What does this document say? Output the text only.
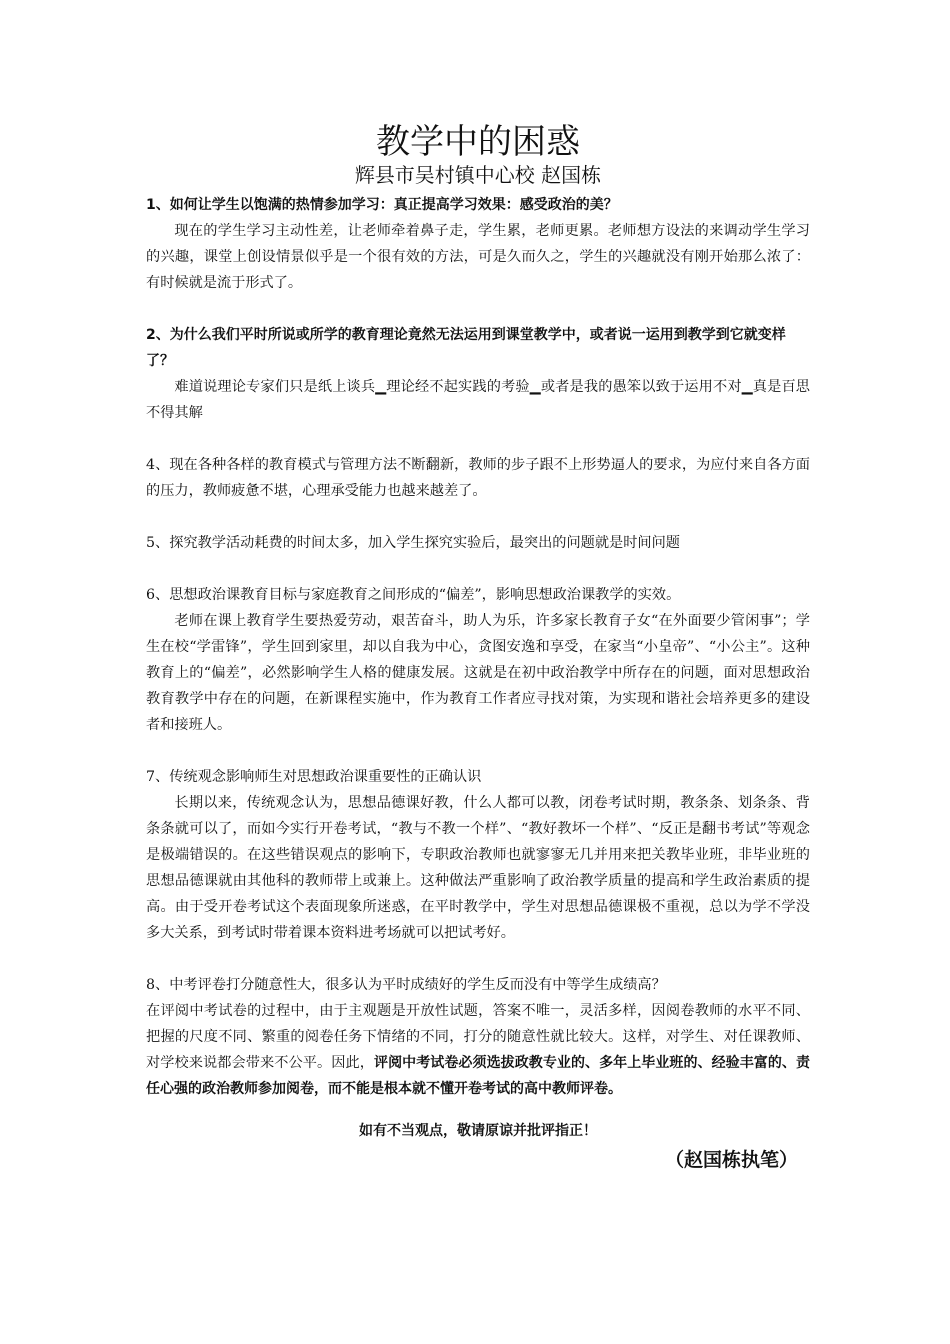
教学中的困惑
辉县市吴村镇中心校 赵国栋

1、如何让学生以饱满的热情参加学习：真正提高学习效果：感受政治的美？

现在的学生学习主动性差，让老师牵着鼻子走，学生累，老师更累。老师想方设法的来调动学生学习的兴趣，课堂上创设情景似乎是一个很有效的方法，可是久而久之，学生的兴趣就没有刚开始那么浓了：有时候就是流于形式了。

2、为什么我们平时所说或所学的教育理论竟然无法运用到课堂教学中，或者说一运用到教学到它就变样了？

难道说理论专家们只是纸上谈兵▁理论经不起实践的考验▁或者是我的愚笨以致于运用不对▁真是百思不得其解

4、现在各种各样的教育模式与管理方法不断翻新，教师的步子跟不上形势逼人的要求，为应付来自各方面的压力，教师疲惫不堪，心理承受能力也越来越差了。

5、探究教学活动耗费的时间太多，加入学生探究实验后，最突出的问题就是时间问题

6、思想政治课教育目标与家庭教育之间形成的“偏差”，影响思想政治课教学的实效。

老师在课上教育学生要热爱劳动，艰苦奋斗，助人为乐，许多家长教育子女“在外面要少管闲事”；学生在校“学雷锋”，学生回到家里，却以自我为中心，贪图安逸和享受，在家当“小皇帝”、“小公主”。这种教育上的“偏差”，必然影响学生人格的健康发展。这就是在初中政治教学中所存在的问题，面对思想政治教育教学中存在的问题，在新课程实施中，作为教育工作者应寻找对策，为实现和谐社会培养更多的建设者和接班人。

7、传统观念影响师生对思想政治课重要性的正确认识

长期以来，传统观念认为，思想品德课好教，什么人都可以教，闭卷考试时期，教条条、划条条、背条条就可以了，而如今实行开卷考试，“教与不教一个样”、“教好教坏一个样”、“反正是翻书考试”等观念是极端错误的。在这些错误观点的影响下，专职政治教师也就寥寥无几并用来把关教毕业班，非毕业班的思想品德课就由其他科的教师带上或兼上。这种做法严重影响了政治教学质量的提高和学生政治素质的提高。由于受开卷考试这个表面现象所迷惑，在平时教学中，学生对思想品德课极不重视，总以为学不学没多大关系，到考试时带着课本资料进考场就可以把试考好。

8、中考评卷打分随意性大，很多认为平时成绩好的学生反而没有中等学生成绩高？

在评阅中考试卷的过程中，由于主观题是开放性试题，答案不唯一，灵活多样，因阅卷教师的水平不同、把握的尺度不同、繁重的阅卷任务下情绪的不同，打分的随意性就比较大。这样，对学生、对任课教师、对学校来说都会带来不公平。因此，评阅中考试卷必须选拔政教专业的、多年上毕业班的、经验丰富的、责任心强的政治教师参加阅卷，而不能是根本就不懂开卷考试的高中教师评卷。

如有不当观点，敬请原谅并批评指正！

（赵国栋执笔）
